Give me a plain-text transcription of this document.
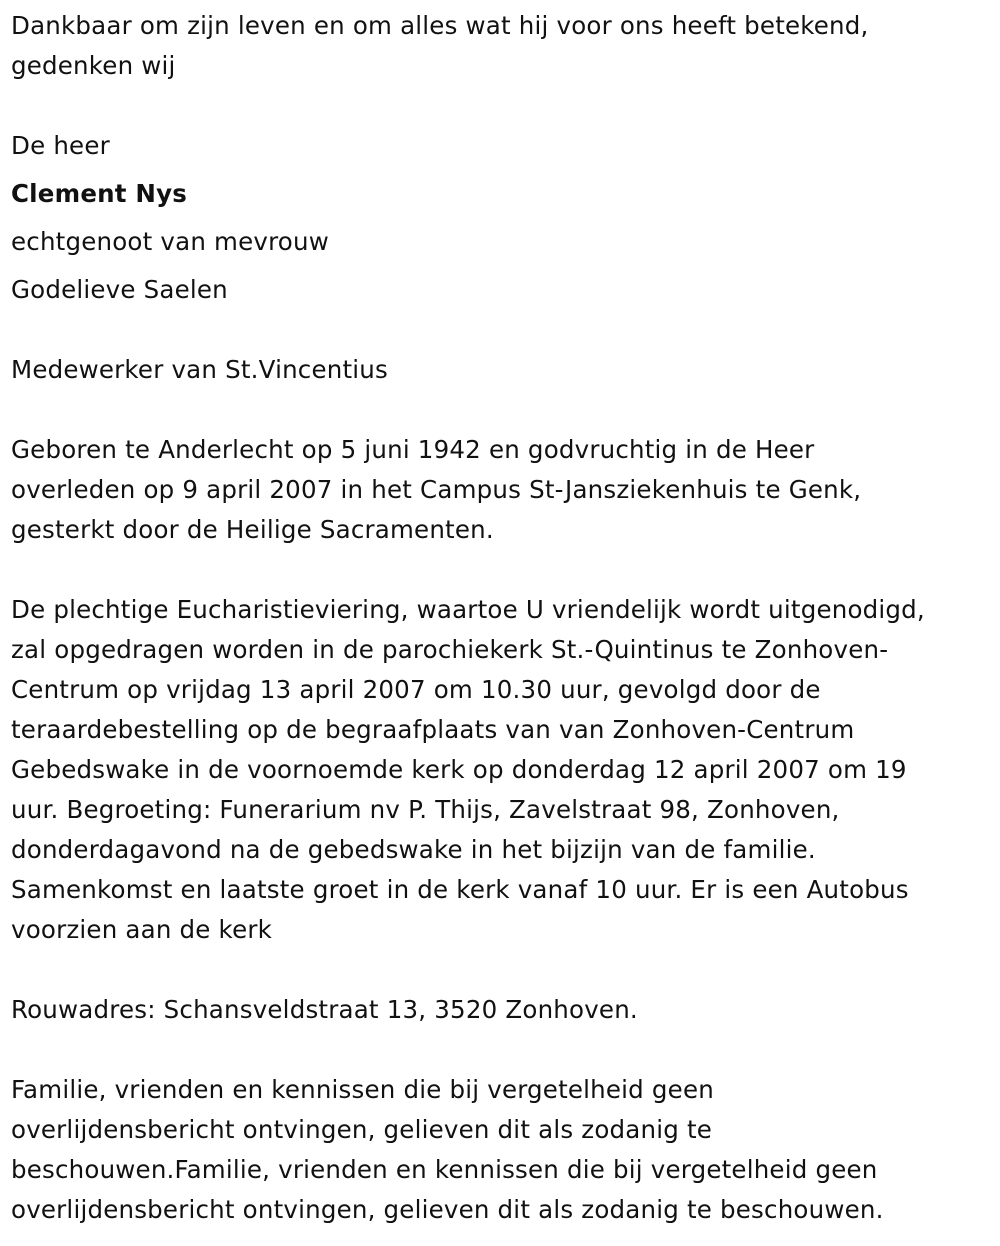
Dankbaar om zijn leven en om alles wat hij voor ons heeft betekend,

gedenken wij

De heer

Clement Nys

echtgenoot van mevrouw

Godelieve Saelen

Medewerker van St.Vincentius

Geboren te Anderlecht op 5 juni 1942 en godvruchtig in de Heer

overleden op 9 april 2007 in het Campus St-Jansziekenhuis te Genk,

gesterkt door de Heilige Sacramenten.

De plechtige Eucharistieviering, waartoe U vriendelijk wordt uitgenodigd,

zal opgedragen worden in de parochiekerk St.-Quintinus te Zonhoven-

Centrum op vrijdag 13 april 2007 om 10.30 uur, gevolgd door de

teraardebestelling op de begraafplaats van van Zonhoven-Centrum

Gebedswake in de voornoemde kerk op donderdag 12 april 2007 om 19

uur. Begroeting: Funerarium nv P. Thijs, Zavelstraat 98, Zonhoven,

donderdagavond na de gebedswake in het bijzijn van de familie.

Samenkomst en laatste groet in de kerk vanaf 10 uur. Er is een Autobus

voorzien aan de kerk

Rouwadres: Schansveldstraat 13, 3520 Zonhoven.

Familie, vrienden en kennissen die bij vergetelheid geen

overlijdensbericht ontvingen, gelieven dit als zodanig te

beschouwen.Familie, vrienden en kennissen die bij vergetelheid geen

overlijdensbericht ontvingen, gelieven dit als zodanig te beschouwen.
